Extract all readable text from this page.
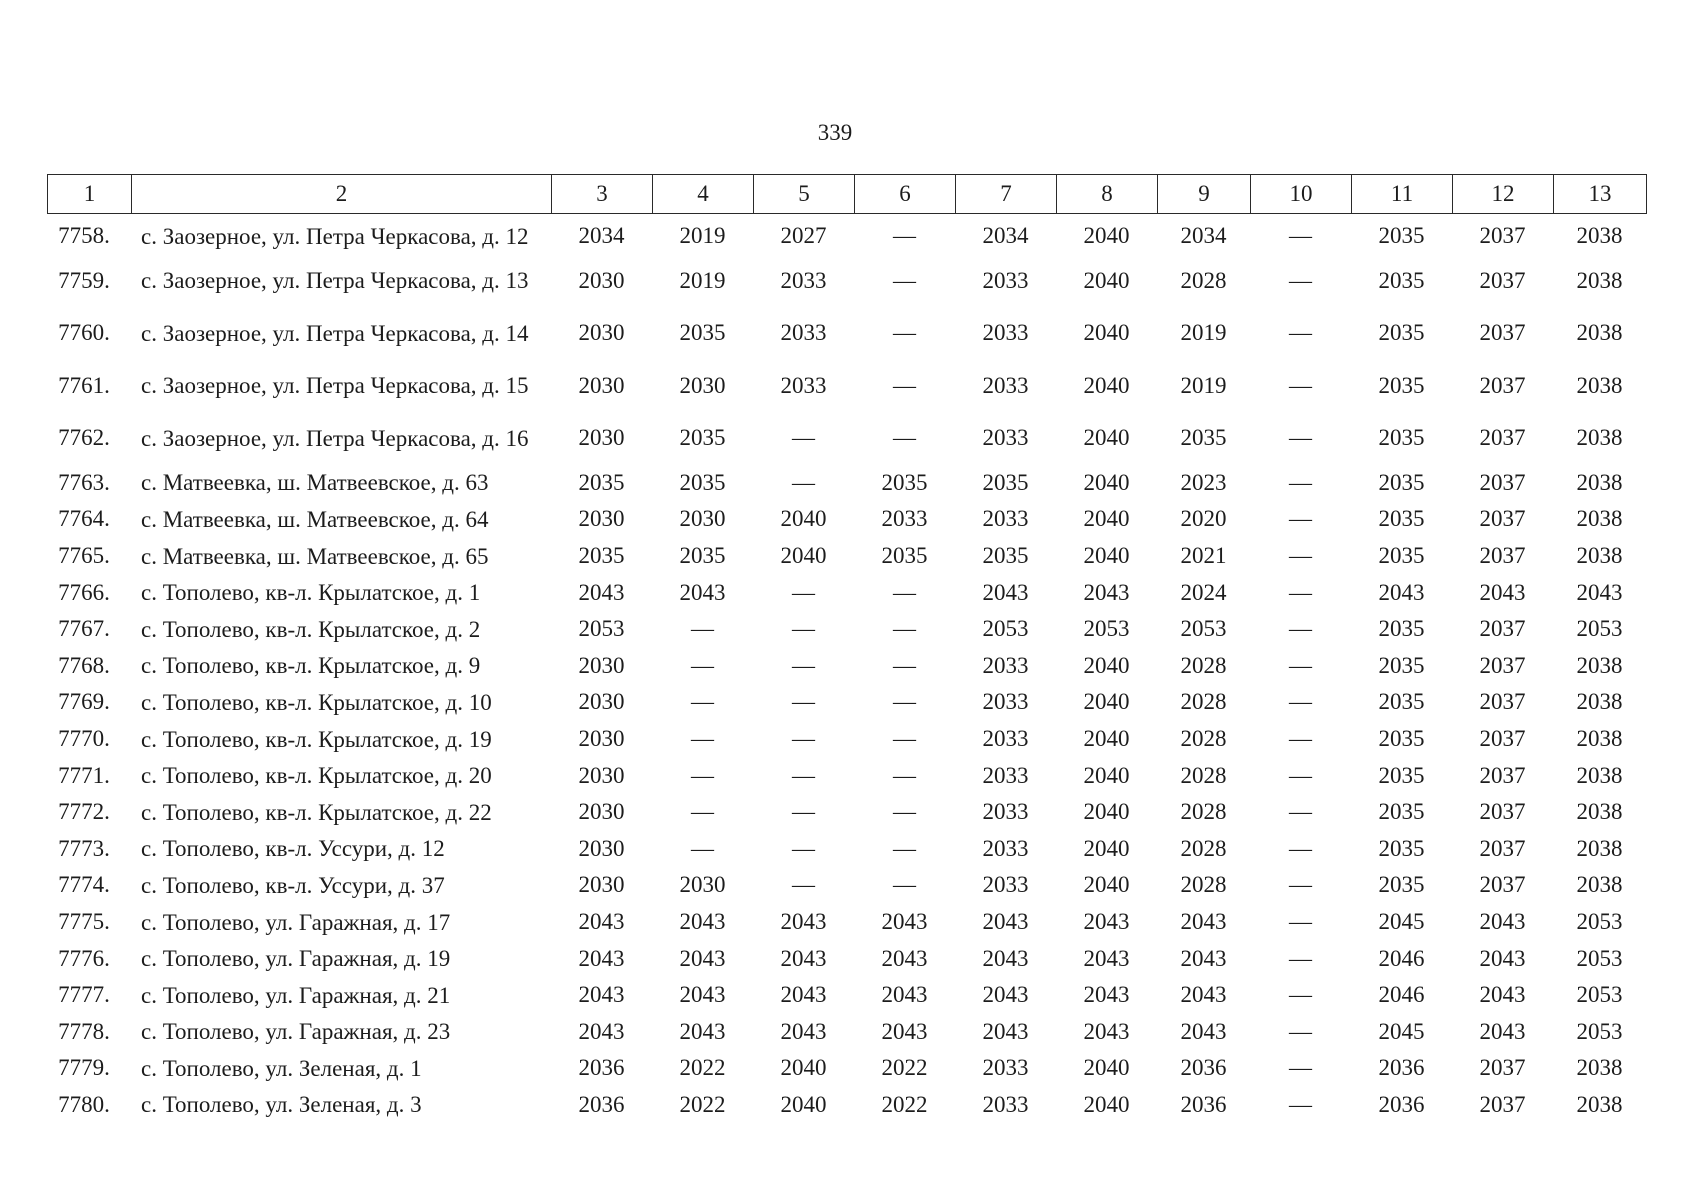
339
1	2	3	4	5	6	7	8	9	10	11	12	13
7758.	с. Заозерное, ул. Петра Черкасова, д. 12	2034	2019	2027	—	2034	2040	2034	—	2035	2037	2038
7759.	с. Заозерное, ул. Петра Черкасова, д. 13	2030	2019	2033	—	2033	2040	2028	—	2035	2037	2038
7760.	с. Заозерное, ул. Петра Черкасова, д. 14	2030	2035	2033	—	2033	2040	2019	—	2035	2037	2038
7761.	с. Заозерное, ул. Петра Черкасова, д. 15	2030	2030	2033	—	2033	2040	2019	—	2035	2037	2038
7762.	с. Заозерное, ул. Петра Черкасова, д. 16	2030	2035	—	—	2033	2040	2035	—	2035	2037	2038
7763.	с. Матвеевка, ш. Матвеевское, д. 63	2035	2035	—	2035	2035	2040	2023	—	2035	2037	2038
7764.	с. Матвеевка, ш. Матвеевское, д. 64	2030	2030	2040	2033	2033	2040	2020	—	2035	2037	2038
7765.	с. Матвеевка, ш. Матвеевское, д. 65	2035	2035	2040	2035	2035	2040	2021	—	2035	2037	2038
7766.	с. Тополево, кв-л. Крылатское, д. 1	2043	2043	—	—	2043	2043	2024	—	2043	2043	2043
7767.	с. Тополево, кв-л. Крылатское, д. 2	2053	—	—	—	2053	2053	2053	—	2035	2037	2053
7768.	с. Тополево, кв-л. Крылатское, д. 9	2030	—	—	—	2033	2040	2028	—	2035	2037	2038
7769.	с. Тополево, кв-л. Крылатское, д. 10	2030	—	—	—	2033	2040	2028	—	2035	2037	2038
7770.	с. Тополево, кв-л. Крылатское, д. 19	2030	—	—	—	2033	2040	2028	—	2035	2037	2038
7771.	с. Тополево, кв-л. Крылатское, д. 20	2030	—	—	—	2033	2040	2028	—	2035	2037	2038
7772.	с. Тополево, кв-л. Крылатское, д. 22	2030	—	—	—	2033	2040	2028	—	2035	2037	2038
7773.	с. Тополево, кв-л. Уссури, д. 12	2030	—	—	—	2033	2040	2028	—	2035	2037	2038
7774.	с. Тополево, кв-л. Уссури, д. 37	2030	2030	—	—	2033	2040	2028	—	2035	2037	2038
7775.	с. Тополево, ул. Гаражная, д. 17	2043	2043	2043	2043	2043	2043	2043	—	2045	2043	2053
7776.	с. Тополево, ул. Гаражная, д. 19	2043	2043	2043	2043	2043	2043	2043	—	2046	2043	2053
7777.	с. Тополево, ул. Гаражная, д. 21	2043	2043	2043	2043	2043	2043	2043	—	2046	2043	2053
7778.	с. Тополево, ул. Гаражная, д. 23	2043	2043	2043	2043	2043	2043	2043	—	2045	2043	2053
7779.	с. Тополево, ул. Зеленая, д. 1	2036	2022	2040	2022	2033	2040	2036	—	2036	2037	2038
7780.	с. Тополево, ул. Зеленая, д. 3	2036	2022	2040	2022	2033	2040	2036	—	2036	2037	2038
